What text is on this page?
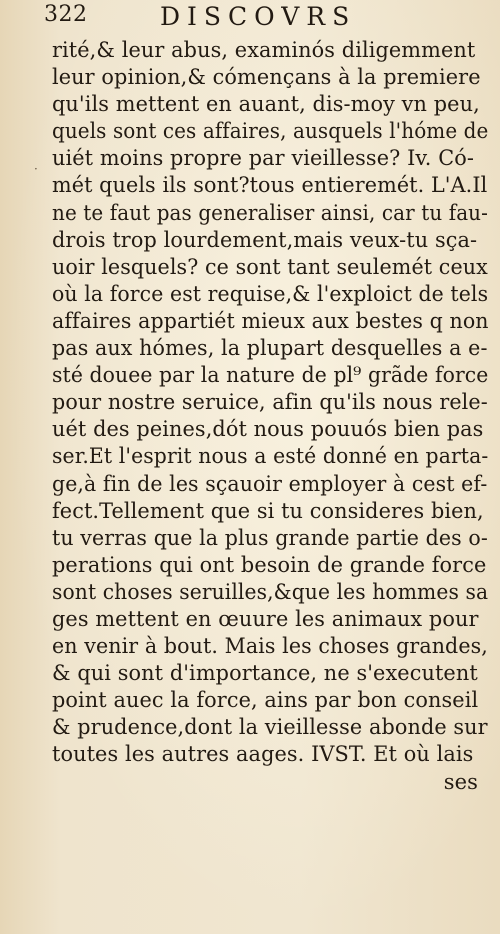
322	DISCOVRS
·
rité,& leur abus, examinós diligemment
leur opinion,& cómençans à la premiere
qu'ils mettent en auant, dis-moy vn peu,
quels sont ces affaires, ausquels l'hóme de
uiét moins propre par vieillesse? Iv. Có-
mét quels ils sont?tous entieremét. L'A.Il
ne te faut pas generaliser ainsi, car tu fau-
drois trop lourdement,mais veux-tu sça-
uoir lesquels? ce sont tant seulemét ceux
où la force est requise,& l'exploict de tels
affaires appartiét mieux aux bestes q non
pas aux hómes, la plupart desquelles a e-
sté douee par la nature de pl⁹ grãde force
pour nostre seruice, afin qu'ils nous rele-
uét des peines,dót nous pouuós bien pas
ser.Et l'esprit nous a esté donné en parta-
ge,à fin de les sçauoir employer à cest ef-
fect.Tellement que si tu consideres bien,
tu verras que la plus grande partie des o-
perations qui ont besoin de grande force
sont choses seruilles,&que les hommes sa
ges mettent en œuure les animaux pour
en venir à bout. Mais les choses grandes,
& qui sont d'importance, ne s'executent
point auec la force, ains par bon conseil
& prudence,dont la vieillesse abonde sur
toutes les autres aages. IVST. Et où lais
ses
